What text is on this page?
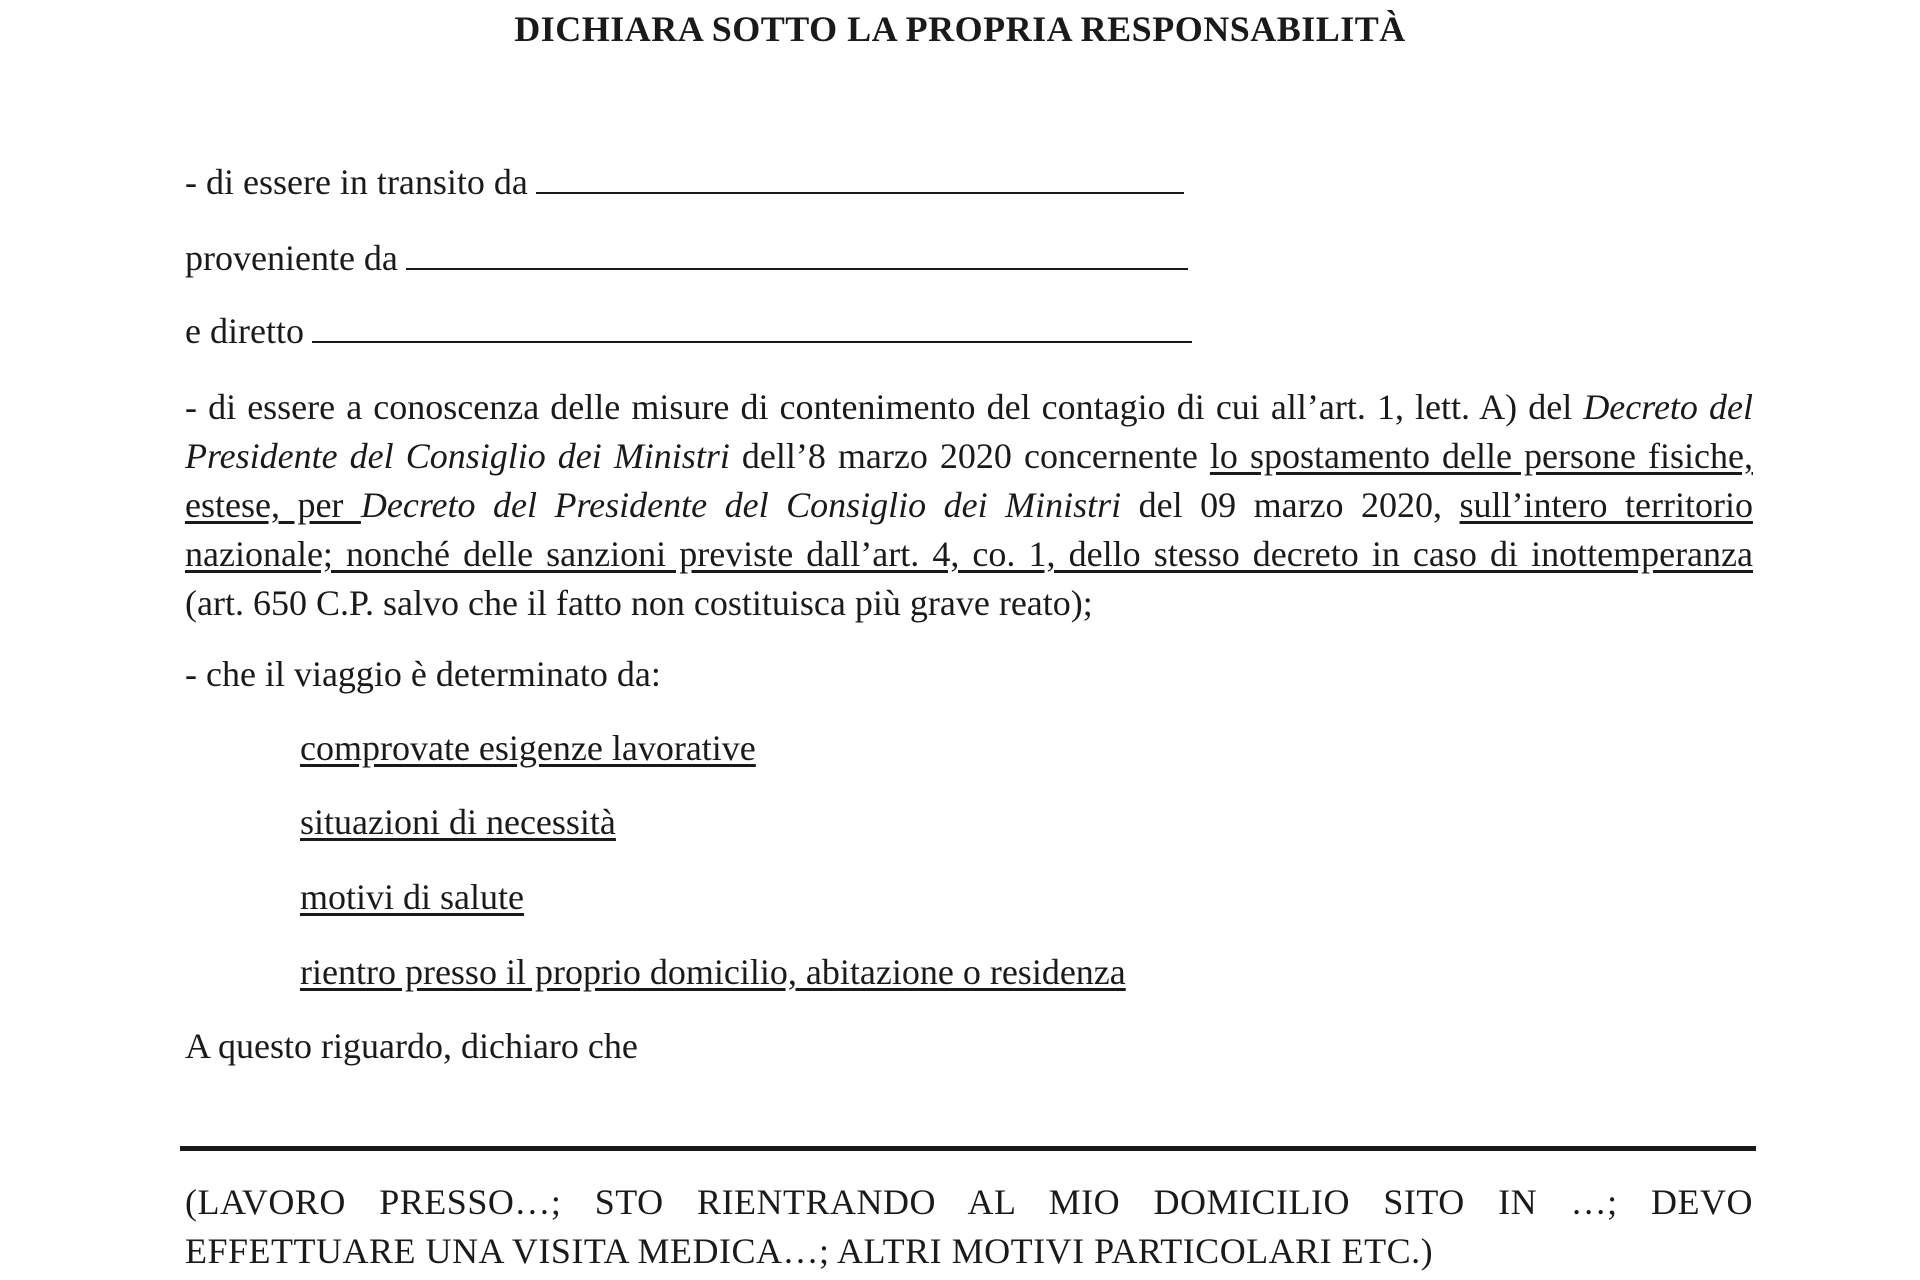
DICHIARA SOTTO LA PROPRIA RESPONSABILITÀ
- di essere in transito da
proveniente da
e diretto
- di essere a conoscenza delle misure di contenimento del contagio di cui all’art. 1, lett. A) del Decreto del Presidente del Consiglio dei Ministri dell’8 marzo 2020 concernente lo spostamento delle persone fisiche, estese, per Decreto del Presidente del Consiglio dei Ministri del 09 marzo 2020, sull’intero territorio nazionale; nonché delle sanzioni previste dall’art. 4, co. 1, dello stesso decreto in caso di inottemperanza (art. 650 C.P. salvo che il fatto non costituisca più grave reato);
- che il viaggio è determinato da:
comprovate esigenze lavorative
situazioni di necessità
motivi di salute
rientro presso il proprio domicilio, abitazione o residenza
A questo riguardo, dichiaro che
(LAVORO PRESSO…; STO RIENTRANDO AL MIO DOMICILIO SITO IN …; DEVO EFFETTUARE UNA VISITA MEDICA…; ALTRI MOTIVI PARTICOLARI ETC.)
